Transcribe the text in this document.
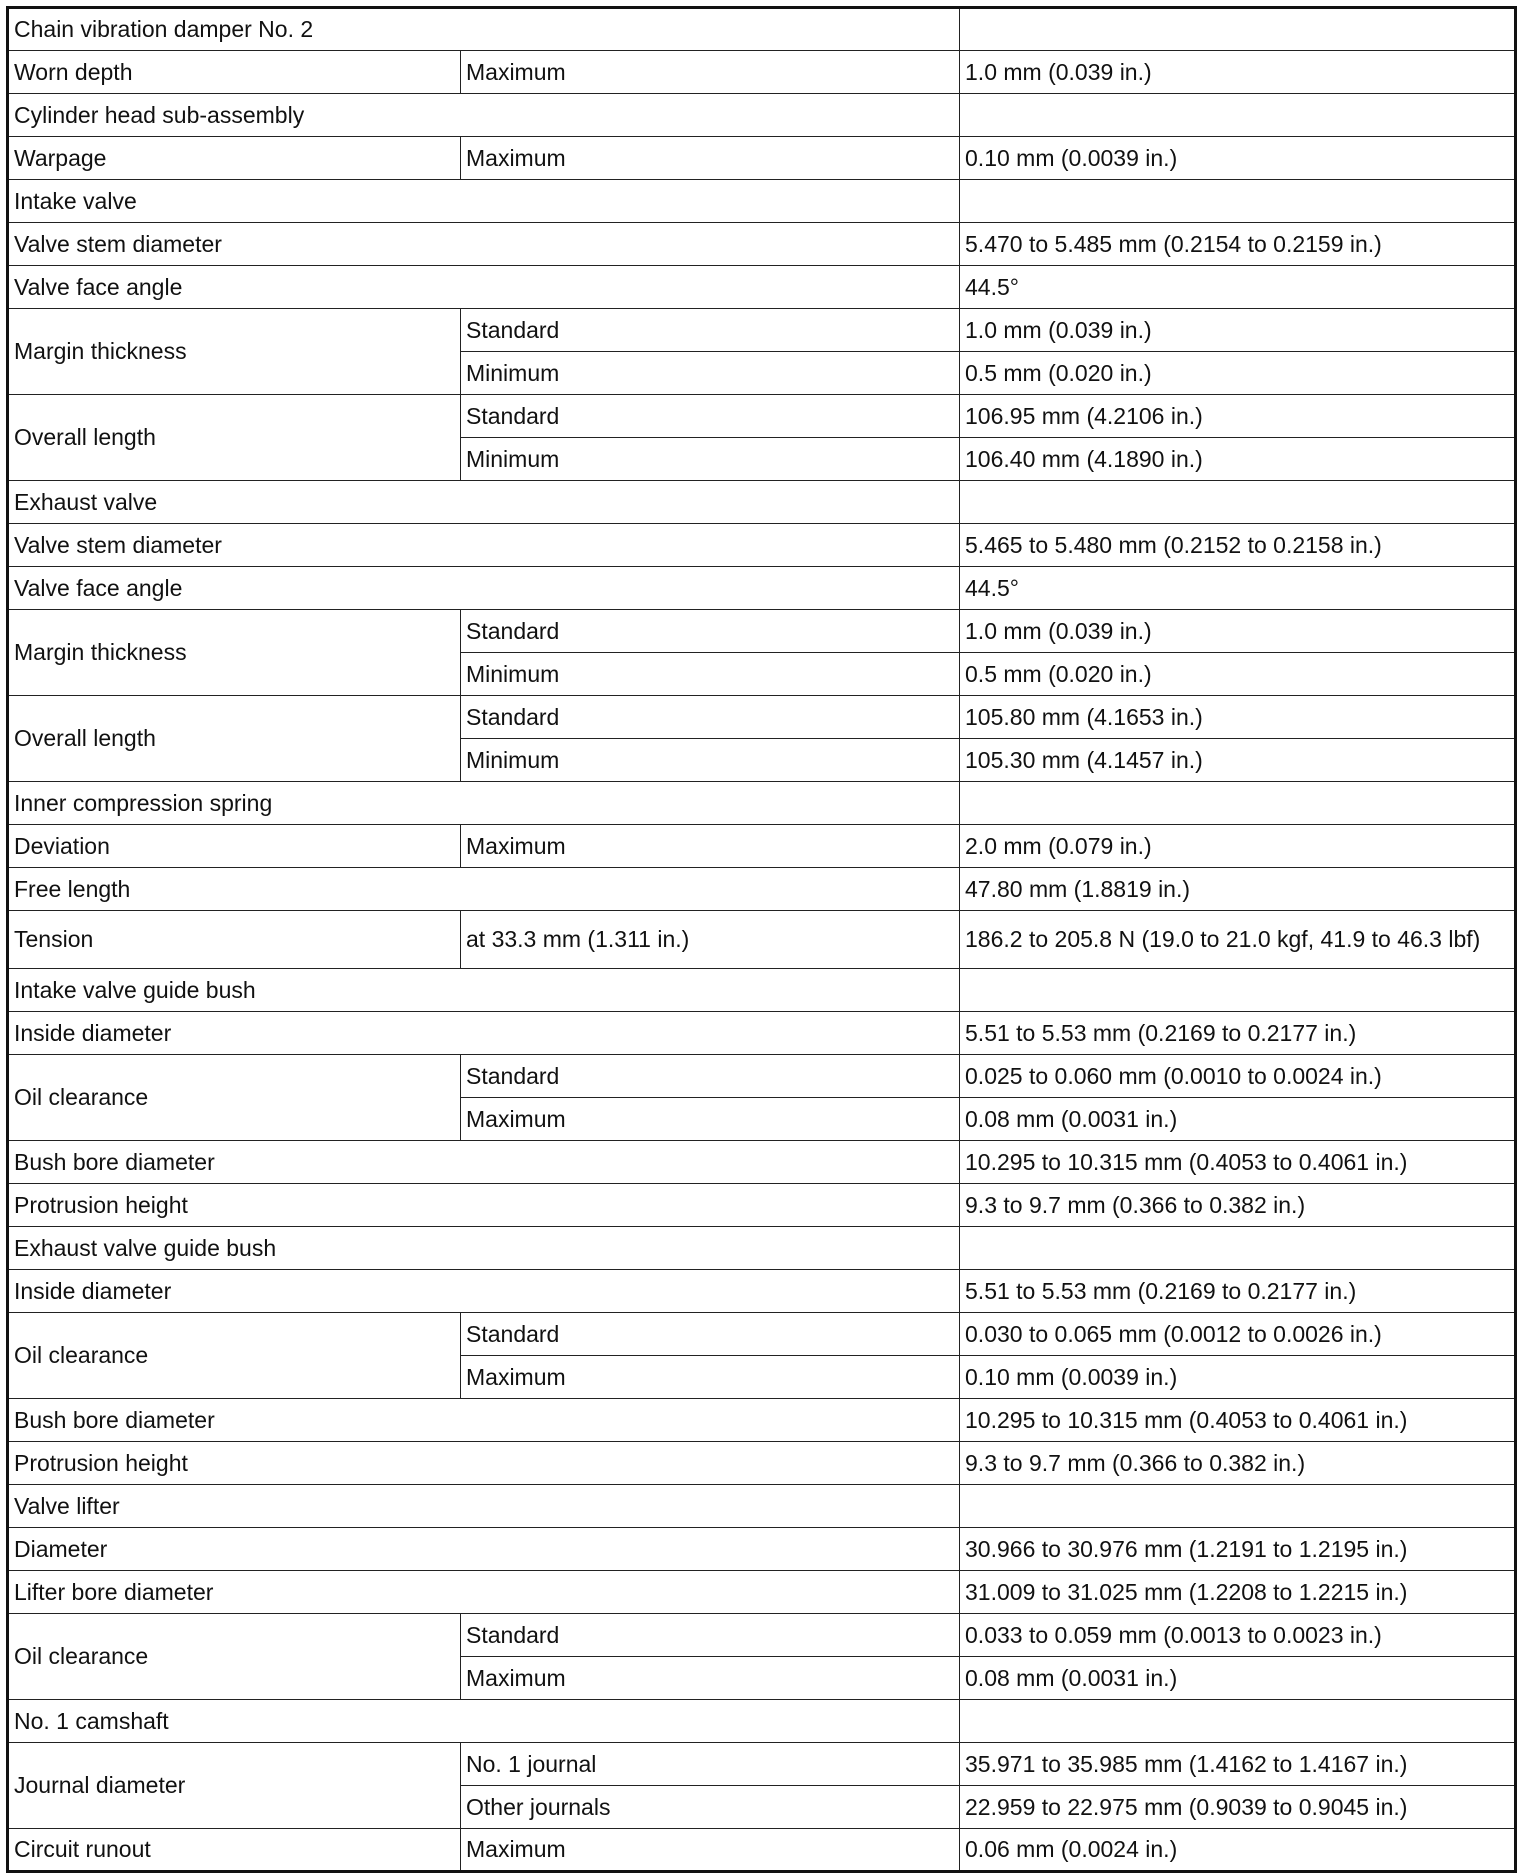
Chain vibration damper No. 2		
Worn depth	Maximum	1.0 mm (0.039 in.)
Cylinder head sub-assembly		
Warpage	Maximum	0.10 mm (0.0039 in.)
Intake valve		
Valve stem diameter		5.470 to 5.485 mm (0.2154 to 0.2159 in.)
Valve face angle		44.5°
Margin thickness	Standard	1.0 mm (0.039 in.)
	Minimum	0.5 mm (0.020 in.)
Overall length	Standard	106.95 mm (4.2106 in.)
	Minimum	106.40 mm (4.1890 in.)
Exhaust valve		
Valve stem diameter		5.465 to 5.480 mm (0.2152 to 0.2158 in.)
Valve face angle		44.5°
Margin thickness	Standard	1.0 mm (0.039 in.)
	Minimum	0.5 mm (0.020 in.)
Overall length	Standard	105.80 mm (4.1653 in.)
	Minimum	105.30 mm (4.1457 in.)
Inner compression spring		
Deviation	Maximum	2.0 mm (0.079 in.)
Free length		47.80 mm (1.8819 in.)
Tension	at 33.3 mm (1.311 in.)	186.2 to 205.8 N (19.0 to 21.0 kgf, 41.9 to 46.3 lbf)
Intake valve guide bush		
Inside diameter		5.51 to 5.53 mm (0.2169 to 0.2177 in.)
Oil clearance	Standard	0.025 to 0.060 mm (0.0010 to 0.0024 in.)
	Maximum	0.08 mm (0.0031 in.)
Bush bore diameter		10.295 to 10.315 mm (0.4053 to 0.4061 in.)
Protrusion height		9.3 to 9.7 mm (0.366 to 0.382 in.)
Exhaust valve guide bush		
Inside diameter		5.51 to 5.53 mm (0.2169 to 0.2177 in.)
Oil clearance	Standard	0.030 to 0.065 mm (0.0012 to 0.0026 in.)
	Maximum	0.10 mm (0.0039 in.)
Bush bore diameter		10.295 to 10.315 mm (0.4053 to 0.4061 in.)
Protrusion height		9.3 to 9.7 mm (0.366 to 0.382 in.)
Valve lifter		
Diameter		30.966 to 30.976 mm (1.2191 to 1.2195 in.)
Lifter bore diameter		31.009 to 31.025 mm (1.2208 to 1.2215 in.)
Oil clearance	Standard	0.033 to 0.059 mm (0.0013 to 0.0023 in.)
	Maximum	0.08 mm (0.0031 in.)
No. 1 camshaft		
Journal diameter	No. 1 journal	35.971 to 35.985 mm (1.4162 to 1.4167 in.)
	Other journals	22.959 to 22.975 mm (0.9039 to 0.9045 in.)
Circuit runout	Maximum	0.06 mm (0.0024 in.)
